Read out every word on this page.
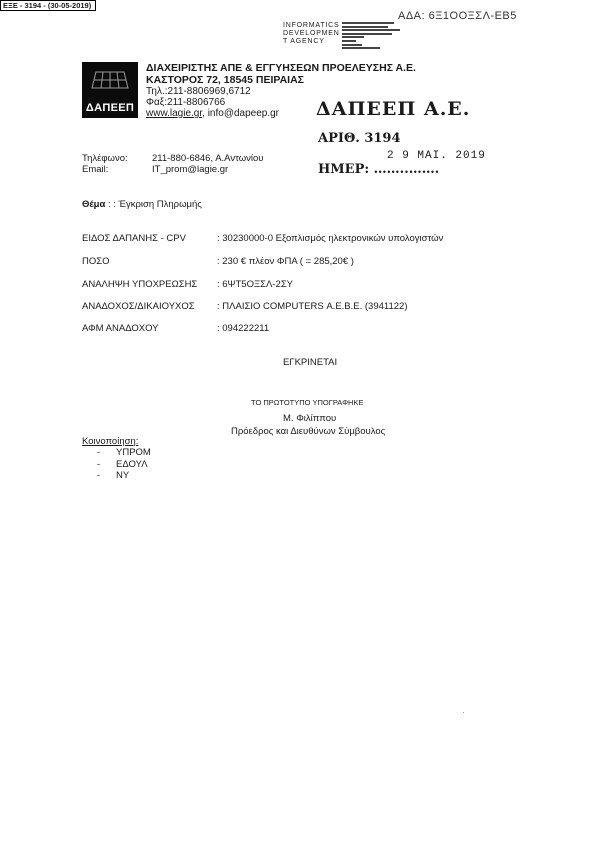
ΕΞΕ - 3194 - (30-05-2019)
ΑΔΑ: 6Ξ1ΟΟΞΣΛ-ΕΒ5
INFORMATICS
DEVELOPMEN
T AGENCY
ΔΑΠΕΕΠ
ΔΙΑΧΕΙΡΙΣΤΗΣ ΑΠΕ & ΕΓΓΥΗΣΕΩΝ ΠΡΟΕΛΕΥΣΗΣ Α.Ε.
ΚΑΣΤΟΡΟΣ 72, 18545 ΠΕΙΡΑΙΑΣ
Τηλ.:211-8806969,6712
Φαξ:211-8806766
www.lagie.gr, info@dapeep.gr ΔΑΠΕΕΠ Α.Ε.
ΑΡΙΘ. 3194
2 9 ΜΑΙ. 2019
ΗΜΕΡ: ……..…….
Τηλέφωνο:	211-880-6846, Α.Αντωνίου
Email:	IT_prom@lagie.gr
Θέμα : : Έγκριση Πληρωμής
ΕΙΔΟΣ ΔΑΠΑΝΗΣ - CPV	: 30230000-0 Εξοπλισμός ηλεκτρονικών υπολογιστών
ΠΟΣΟ	: 230 € πλέον ΦΠΑ ( = 285,20€ )
ΑΝΑΛΗΨΗ ΥΠΟΧΡΕΩΣΗΣ : 6ΨΤ5ΟΞΣΛ-2ΣΥ
ΑΝΑΔΟΧΟΣ/ΔΙΚΑΙΟΥΧΟΣ : ΠΛΑΙΣΙΟ COMPUTERS Α.Ε.Β.Ε. (3941122)
ΑΦΜ ΑΝΑΔΟΧΟΥ	: 094222211
ΕΓΚΡΙΝΕΤΑΙ
ΤΟ ΠΡΩΤΟΤΥΠΟ ΥΠΟΓΡΑΦΗΚΕ
Μ. Φιλίππου
Πρόεδρος και Διευθύνων Σύμβουλος
Κοινοποίηση:
- ΥΠΡΟΜ
- ΕΔΟΥΛ
- ΝΥ
